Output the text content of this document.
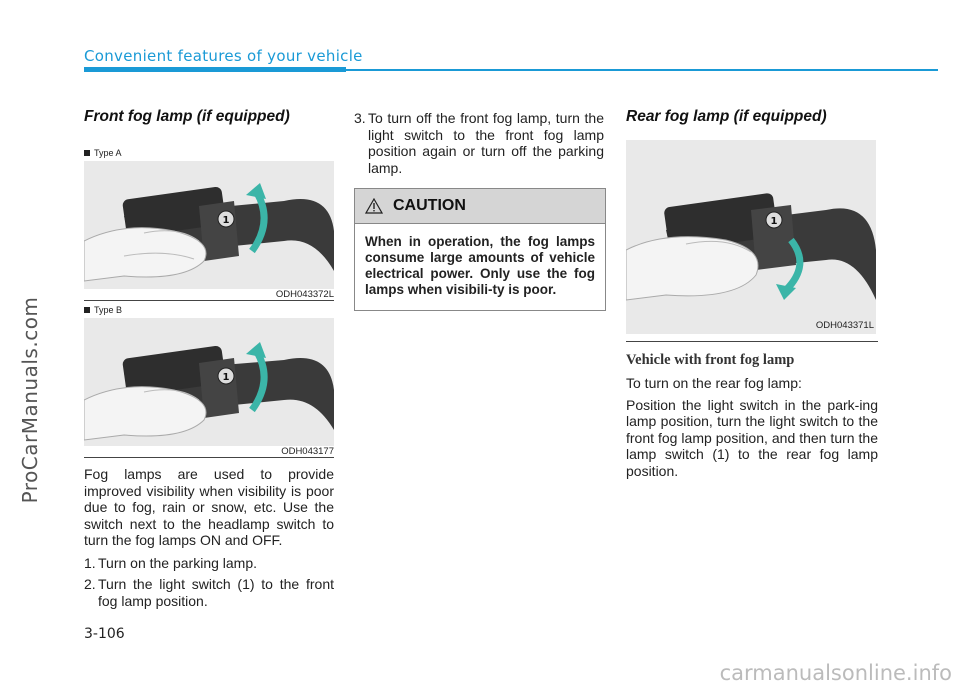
Convenient features of your vehicle
ProCarManuals.com
carmanualsonline.info
Front fog lamp (if equipped)
Type A
1
ODH043372L
Type B
1
ODH043177

Fog lamps are used to provide improved visibility when visibility is poor due to fog, rain or snow, etc. Use the switch next to the headlamp switch to turn the fog lamps ON and OFF.

1. Turn on the parking lamp.
2. Turn the light switch (1) to the front fog lamp position.
3. To turn off the front fog lamp, turn the light switch to the front fog lamp position again or turn off the parking lamp.
CAUTION
When in operation, the fog lamps consume large amounts of vehicle electrical power. Only use the fog lamps when visibili-ty is poor.
Rear fog lamp (if equipped)
1
ODH043371L
Vehicle with front fog lamp

To turn on the rear fog lamp:

Position the light switch in the park-ing lamp position, turn the light switch to the front fog lamp position, and then turn the lamp switch (1) to the rear fog lamp position.

3-106
